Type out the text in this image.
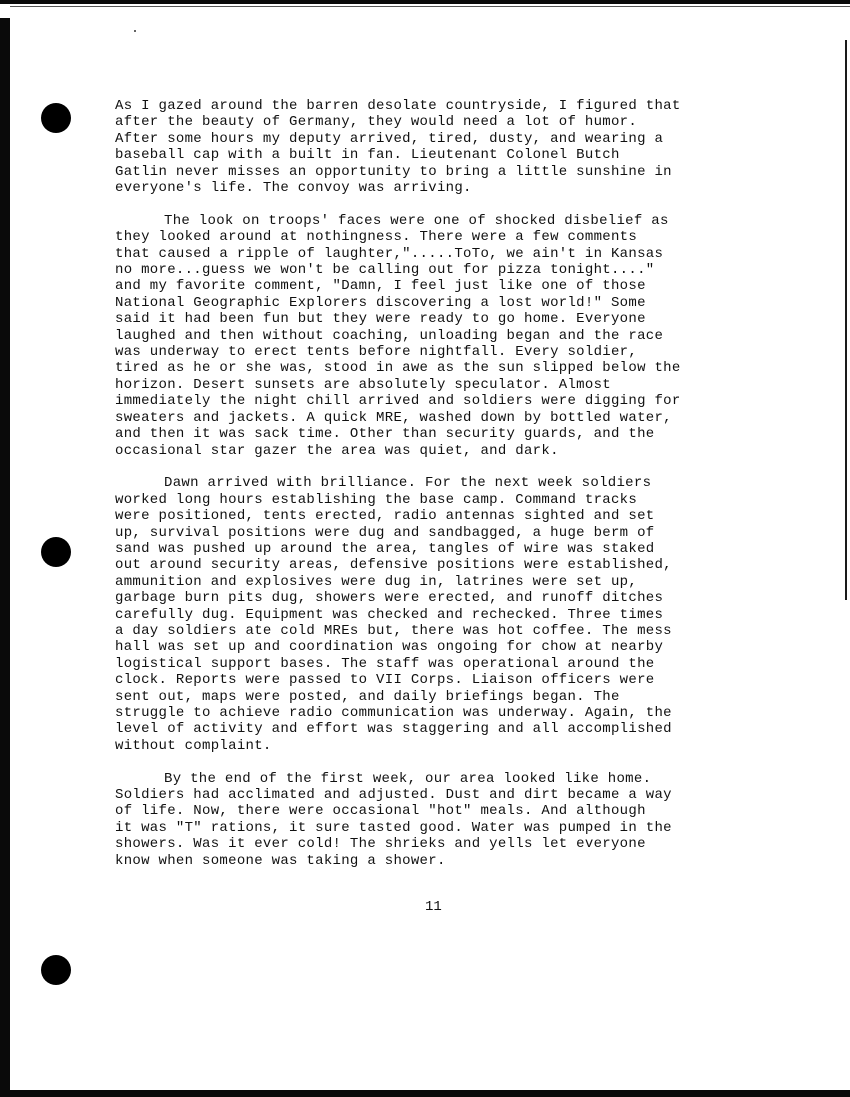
As I gazed around the barren desolate countryside, I figured that
after the beauty of Germany, they would need a lot of humor.
After some hours my deputy arrived, tired, dusty, and wearing a
baseball cap with a built in fan. Lieutenant Colonel Butch
Gatlin never misses an opportunity to bring a little sunshine in
everyone's life. The convoy was arriving.

The look on troops' faces were one of shocked disbelief as
they looked around at nothingness. There were a few comments
that caused a ripple of laughter,".....ToTo, we ain't in Kansas
no more...guess we won't be calling out for pizza tonight...."
and my favorite comment, "Damn, I feel just like one of those
National Geographic Explorers discovering a lost world!" Some
said it had been fun but they were ready to go home. Everyone
laughed and then without coaching, unloading began and the race
was underway to erect tents before nightfall. Every soldier,
tired as he or she was, stood in awe as the sun slipped below the
horizon. Desert sunsets are absolutely speculator. Almost
immediately the night chill arrived and soldiers were digging for
sweaters and jackets. A quick MRE, washed down by bottled water,
and then it was sack time. Other than security guards, and the
occasional star gazer the area was quiet, and dark.

Dawn arrived with brilliance. For the next week soldiers
worked long hours establishing the base camp. Command tracks
were positioned, tents erected, radio antennas sighted and set
up, survival positions were dug and sandbagged, a huge berm of
sand was pushed up around the area, tangles of wire was staked
out around security areas, defensive positions were established,
ammunition and explosives were dug in, latrines were set up,
garbage burn pits dug, showers were erected, and runoff ditches
carefully dug. Equipment was checked and rechecked. Three times
a day soldiers ate cold MREs but, there was hot coffee. The mess
hall was set up and coordination was ongoing for chow at nearby
logistical support bases. The staff was operational around the
clock. Reports were passed to VII Corps. Liaison officers were
sent out, maps were posted, and daily briefings began. The
struggle to achieve radio communication was underway. Again, the
level of activity and effort was staggering and all accomplished
without complaint.

By the end of the first week, our area looked like home.
Soldiers had acclimated and adjusted. Dust and dirt became a way
of life. Now, there were occasional "hot" meals. And although
it was "T" rations, it sure tasted good. Water was pumped in the
showers. Was it ever cold! The shrieks and yells let everyone
know when someone was taking a shower.

11
